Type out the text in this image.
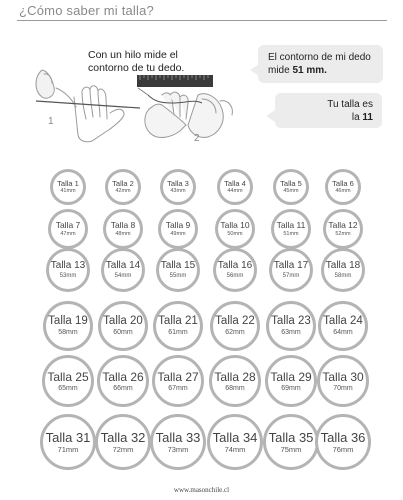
¿Cómo saber mi talla?
Con un hilo mide el
contorno de tu dedo.
1
2
El contorno de mi dedo
mide 51 mm.
Tu talla es
la 11
Talla 1
41mm
Talla 2
42mm
Talla 3
43mm
Talla 4
44mm
Talla 5
45mm
Talla 6
46mm
Talla 7
47mm
Talla 8
48mm
Talla 9
49mm
Talla 10
50mm
Talla 11
51mm
Talla 12
52mm
Talla 13
53mm
Talla 14
54mm
Talla 15
55mm
Talla 16
56mm
Talla 17
57mm
Talla 18
58mm
Talla 19
58mm
Talla 20
60mm
Talla 21
61mm
Talla 22
62mm
Talla 23
63mm
Talla 24
64mm
Talla 25
65mm
Talla 26
66mm
Talla 27
67mm
Talla 28
68mm
Talla 29
69mm
Talla 30
70mm
Talla 31
71mm
Talla 32
72mm
Talla 33
73mm
Talla 34
74mm
Talla 35
75mm
Talla 36
76mm
www.masonchile.cl
